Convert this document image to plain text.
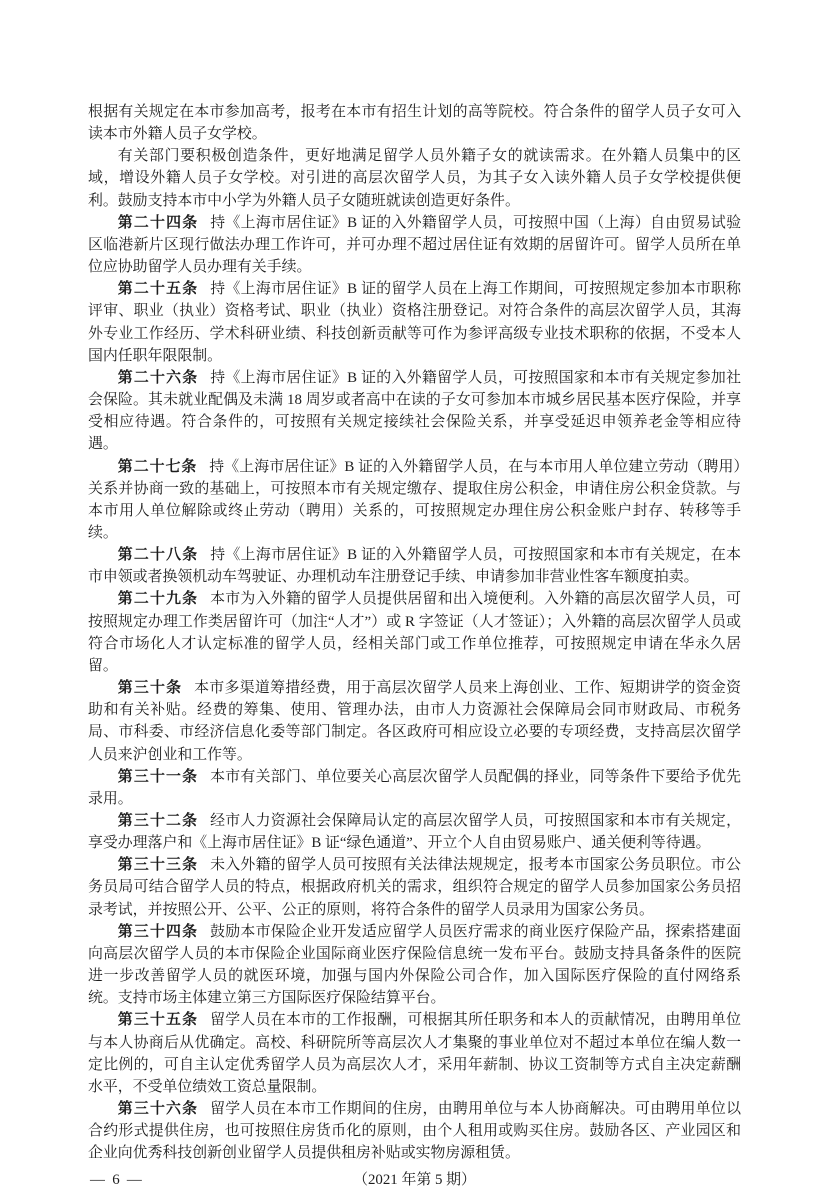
根据有关规定在本市参加高考，报考在本市有招生计划的高等院校。符合条件的留学人员子女可入读本市外籍人员子女学校。

有关部门要积极创造条件，更好地满足留学人员外籍子女的就读需求。在外籍人员集中的区域，增设外籍人员子女学校。对引进的高层次留学人员，为其子女入读外籍人员子女学校提供便利。鼓励支持本市中小学为外籍人员子女随班就读创造更好条件。

第二十四条 持《上海市居住证》B 证的入外籍留学人员，可按照中国（上海）自由贸易试验区临港新片区现行做法办理工作许可，并可办理不超过居住证有效期的居留许可。留学人员所在单位应协助留学人员办理有关手续。

第二十五条 持《上海市居住证》B 证的留学人员在上海工作期间，可按照规定参加本市职称评审、职业（执业）资格考试、职业（执业）资格注册登记。对符合条件的高层次留学人员，其海外专业工作经历、学术科研业绩、科技创新贡献等可作为参评高级专业技术职称的依据，不受本人国内任职年限限制。

第二十六条 持《上海市居住证》B 证的入外籍留学人员，可按照国家和本市有关规定参加社会保险。其未就业配偶及未满 18 周岁或者高中在读的子女可参加本市城乡居民基本医疗保险，并享受相应待遇。符合条件的，可按照有关规定接续社会保险关系，并享受延迟申领养老金等相应待遇。

第二十七条 持《上海市居住证》B 证的入外籍留学人员，在与本市用人单位建立劳动（聘用）关系并协商一致的基础上，可按照本市有关规定缴存、提取住房公积金，申请住房公积金贷款。与本市用人单位解除或终止劳动（聘用）关系的，可按照规定办理住房公积金账户封存、转移等手续。

第二十八条 持《上海市居住证》B 证的入外籍留学人员，可按照国家和本市有关规定，在本市申领或者换领机动车驾驶证、办理机动车注册登记手续、申请参加非营业性客车额度拍卖。

第二十九条 本市为入外籍的留学人员提供居留和出入境便利。入外籍的高层次留学人员，可按照规定办理工作类居留许可（加注“人才”）或 R 字签证（人才签证）；入外籍的高层次留学人员或符合市场化人才认定标准的留学人员，经相关部门或工作单位推荐，可按照规定申请在华永久居留。

第三十条 本市多渠道筹措经费，用于高层次留学人员来上海创业、工作、短期讲学的资金资助和有关补贴。经费的筹集、使用、管理办法，由市人力资源社会保障局会同市财政局、市税务局、市科委、市经济信息化委等部门制定。各区政府可相应设立必要的专项经费，支持高层次留学人员来沪创业和工作等。

第三十一条 本市有关部门、单位要关心高层次留学人员配偶的择业，同等条件下要给予优先录用。

第三十二条 经市人力资源社会保障局认定的高层次留学人员，可按照国家和本市有关规定，享受办理落户和《上海市居住证》B 证“绿色通道”、开立个人自由贸易账户、通关便利等待遇。

第三十三条 未入外籍的留学人员可按照有关法律法规规定，报考本市国家公务员职位。市公务员局可结合留学人员的特点，根据政府机关的需求，组织符合规定的留学人员参加国家公务员招录考试，并按照公开、公平、公正的原则，将符合条件的留学人员录用为国家公务员。

第三十四条 鼓励本市保险企业开发适应留学人员医疗需求的商业医疗保险产品，探索搭建面向高层次留学人员的本市保险企业国际商业医疗保险信息统一发布平台。鼓励支持具备条件的医院进一步改善留学人员的就医环境，加强与国内外保险公司合作，加入国际医疗保险的直付网络系统。支持市场主体建立第三方国际医疗保险结算平台。

第三十五条 留学人员在本市的工作报酬，可根据其所任职务和本人的贡献情况，由聘用单位与本人协商后从优确定。高校、科研院所等高层次人才集聚的事业单位对不超过本单位在编人数一定比例的，可自主认定优秀留学人员为高层次人才，采用年薪制、协议工资制等方式自主决定薪酬水平，不受单位绩效工资总量限制。

第三十六条 留学人员在本市工作期间的住房，由聘用单位与本人协商解决。可由聘用单位以合约形式提供住房，也可按照住房货币化的原则，由个人租用或购买住房。鼓励各区、产业园区和企业向优秀科技创新创业留学人员提供租房补贴或实物房源租赁。

— 6 —	（2021 年第 5 期）
